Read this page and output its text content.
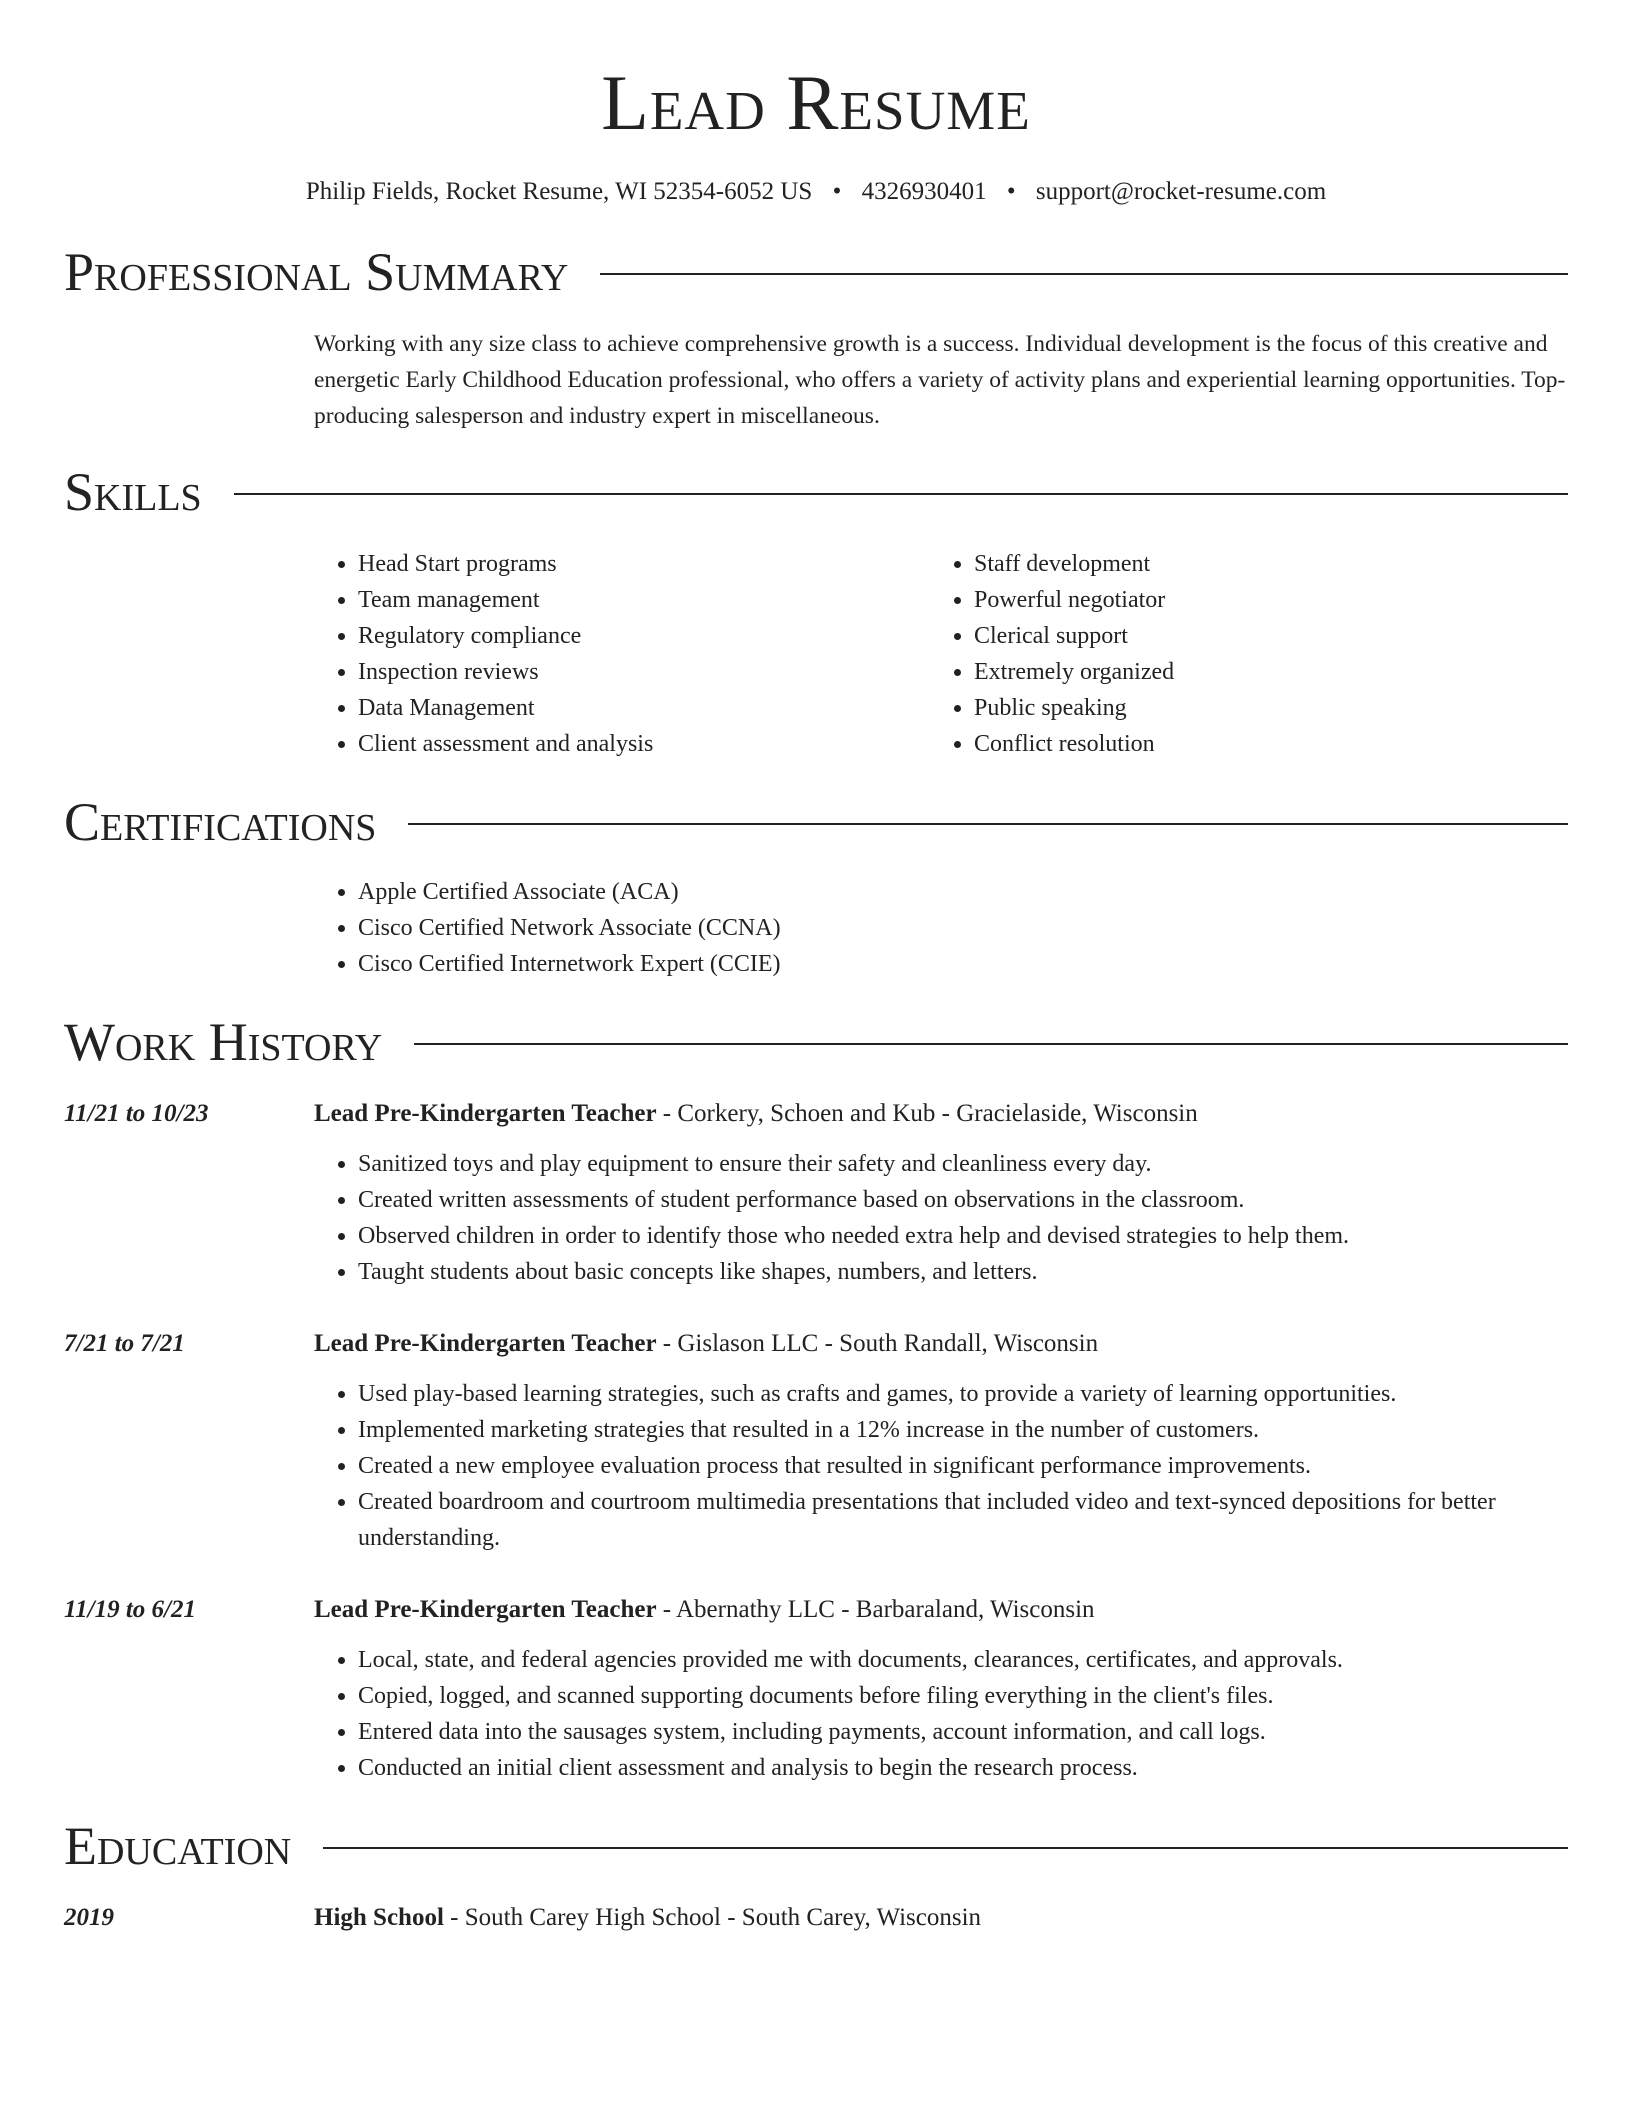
Lead Resume
Philip Fields, Rocket Resume, WI 52354-6052 US • 4326930401 • support@rocket-resume.com
Professional Summary
Working with any size class to achieve comprehensive growth is a success. Individual development is the focus of this creative and energetic Early Childhood Education professional, who offers a variety of activity plans and experiential learning opportunities. Top-producing salesperson and industry expert in miscellaneous.
Skills
• Head Start programs
• Team management
• Regulatory compliance
• Inspection reviews
• Data Management
• Client assessment and analysis
• Staff development
• Powerful negotiator
• Clerical support
• Extremely organized
• Public speaking
• Conflict resolution
Certifications
• Apple Certified Associate (ACA)
• Cisco Certified Network Associate (CCNA)
• Cisco Certified Internetwork Expert (CCIE)
Work History
11/21 to 10/23	Lead Pre-Kindergarten Teacher - Corkery, Schoen and Kub - Gracielaside, Wisconsin
• Sanitized toys and play equipment to ensure their safety and cleanliness every day.
• Created written assessments of student performance based on observations in the classroom.
• Observed children in order to identify those who needed extra help and devised strategies to help them.
• Taught students about basic concepts like shapes, numbers, and letters.
7/21 to 7/21	Lead Pre-Kindergarten Teacher - Gislason LLC - South Randall, Wisconsin
• Used play-based learning strategies, such as crafts and games, to provide a variety of learning opportunities.
• Implemented marketing strategies that resulted in a 12% increase in the number of customers.
• Created a new employee evaluation process that resulted in significant performance improvements.
• Created boardroom and courtroom multimedia presentations that included video and text-synced depositions for better understanding.
11/19 to 6/21	Lead Pre-Kindergarten Teacher - Abernathy LLC - Barbaraland, Wisconsin
• Local, state, and federal agencies provided me with documents, clearances, certificates, and approvals.
• Copied, logged, and scanned supporting documents before filing everything in the client's files.
• Entered data into the sausages system, including payments, account information, and call logs.
• Conducted an initial client assessment and analysis to begin the research process.
Education
2019	High School - South Carey High School - South Carey, Wisconsin
